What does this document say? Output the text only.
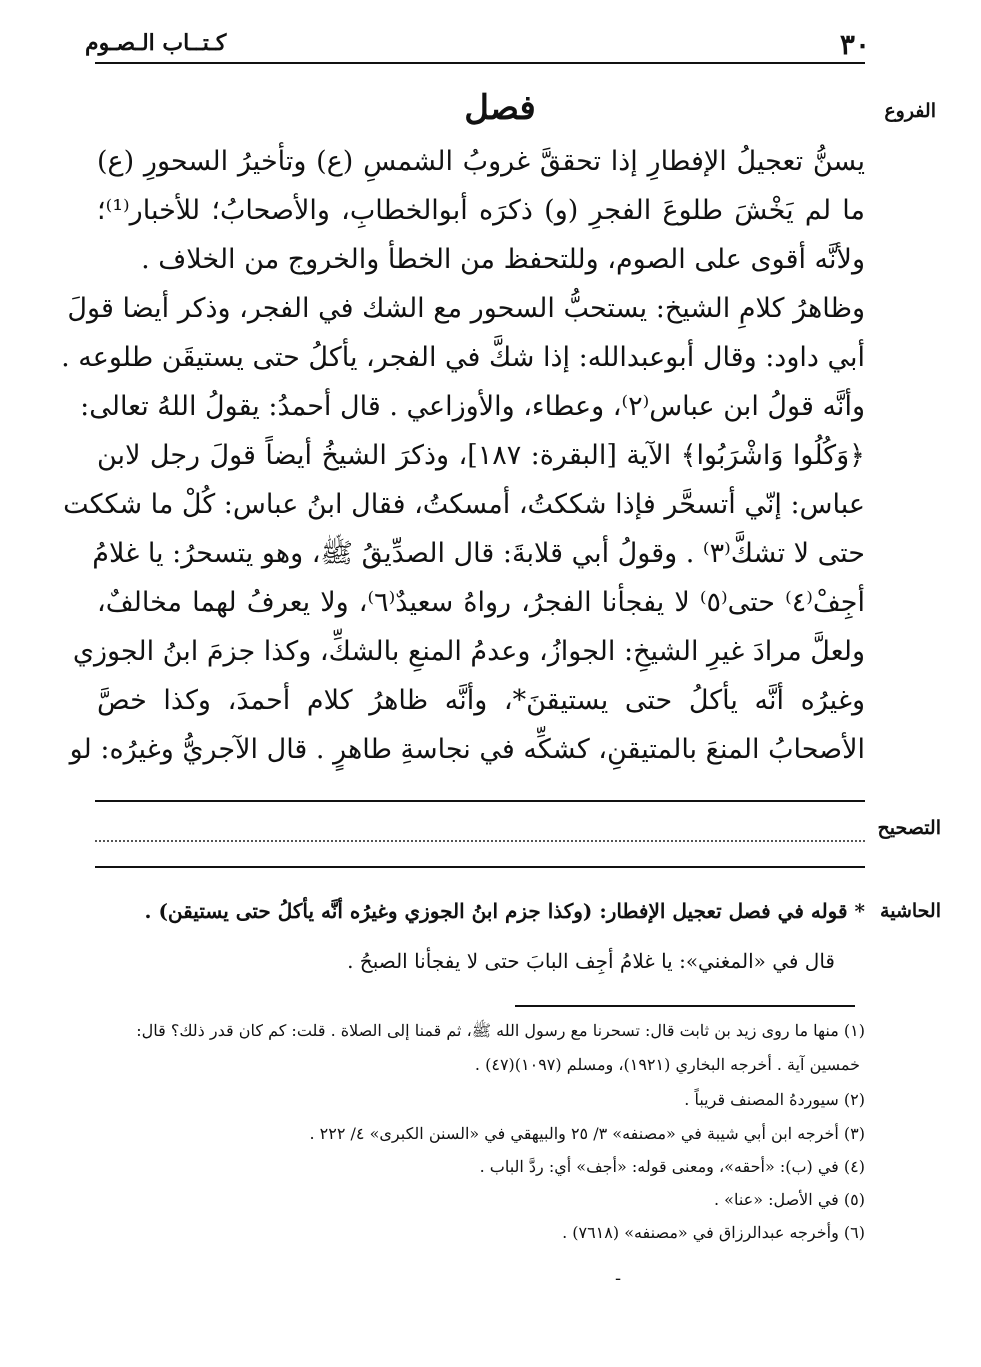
٣٠
كـتــاب الـصـوم
الفروع
فصل
يسنُّ تعجيلُ الإفطارِ إذا تحققَّ غروبُ الشمسِ (ع) وتأخيرُ السحورِ (ع)
ما لم يَخْشَ طلوعَ الفجرِ (و) ذكرَه أبوالخطابِ، والأصحابُ؛ للأخبار⁽¹⁾؛
ولأنَّه أقوى على الصوم، وللتحفظ من الخطأ والخروج من الخلاف .
وظاهرُ كلامِ الشيخ: يستحبُّ السحور مع الشك في الفجر، وذكر أيضا قولَ
أبي داود: وقال أبوعبدالله: إذا شكَّ في الفجر، يأكلُ حتى يستيقَن طلوعه .
وأنَّه قولُ ابن عباس⁽٢⁾، وعطاء، والأوزاعي . قال أحمدُ: يقولُ اللهُ تعالى:
﴿وَكُلُوا وَاشْرَبُوا﴾ الآية [البقرة: ١٨٧]، وذكرَ الشيخُ أيضاً قولَ رجل لابن
عباس: إنّي أتسحَّر فإذا شككتُ، أمسكتُ، فقال ابنُ عباس: كُلْ ما شككت
حتى لا تشكَّ⁽٣⁾ . وقولُ أبي قلابةَ: قال الصدِّيقُ ﷺ، وهو يتسحرُ: يا غلامُ
أجِفْ⁽٤⁾ حتى⁽٥⁾ لا يفجأنا الفجرُ، رواهُ سعيدٌ⁽٦⁾، ولا يعرفُ لهما مخالفٌ،
ولعلَّ مرادَ غيرِ الشيخِ: الجوازُ، وعدمُ المنعِ بالشكِّ، وكذا جزمَ ابنُ الجوزي
وغيرُه أنَّه يأكلُ حتى يستيقنَ*، وأنَّه ظاهرُ كلام أحمدَ، وكذا خصَّ
الأصحابُ المنعَ بالمتيقنِ، كشكِّه في نجاسةِ طاهرٍ . قال الآجريُّ وغيرُه: لو
التصحيح
الحاشية
* قوله في فصل تعجيل الإفطار: (وكذا جزم ابنُ الجوزي وغيرُه أنَّه يأكلُ حتى يستيقن) .
قال في «المغني»: يا غلامُ أجِف البابَ حتى لا يفجأنا الصبحُ .
(١) منها ما روى زيد بن ثابت قال: تسحرنا مع رسول الله ﷺ، ثم قمنا إلى الصلاة . قلت: كم كان قدر ذلك؟ قال:
خمسين آية . أخرجه البخاري (١٩٢١)، ومسلم (١٠٩٧)(٤٧) .
(٢) سيوردهُ المصنف قريباً .
(٣) أخرجه ابن أبي شيبة في «مصنفه» ٣/ ٢٥ والبيهقي في «السنن الكبرى» ٤/ ٢٢٢ .
(٤) في (ب): «أحقه»، ومعنى قوله: «أجف» أي: ردَّ الباب .
(٥) في الأصل: «عنا» .
(٦) وأخرجه عبدالرزاق في «مصنفه» (٧٦١٨) .
-
